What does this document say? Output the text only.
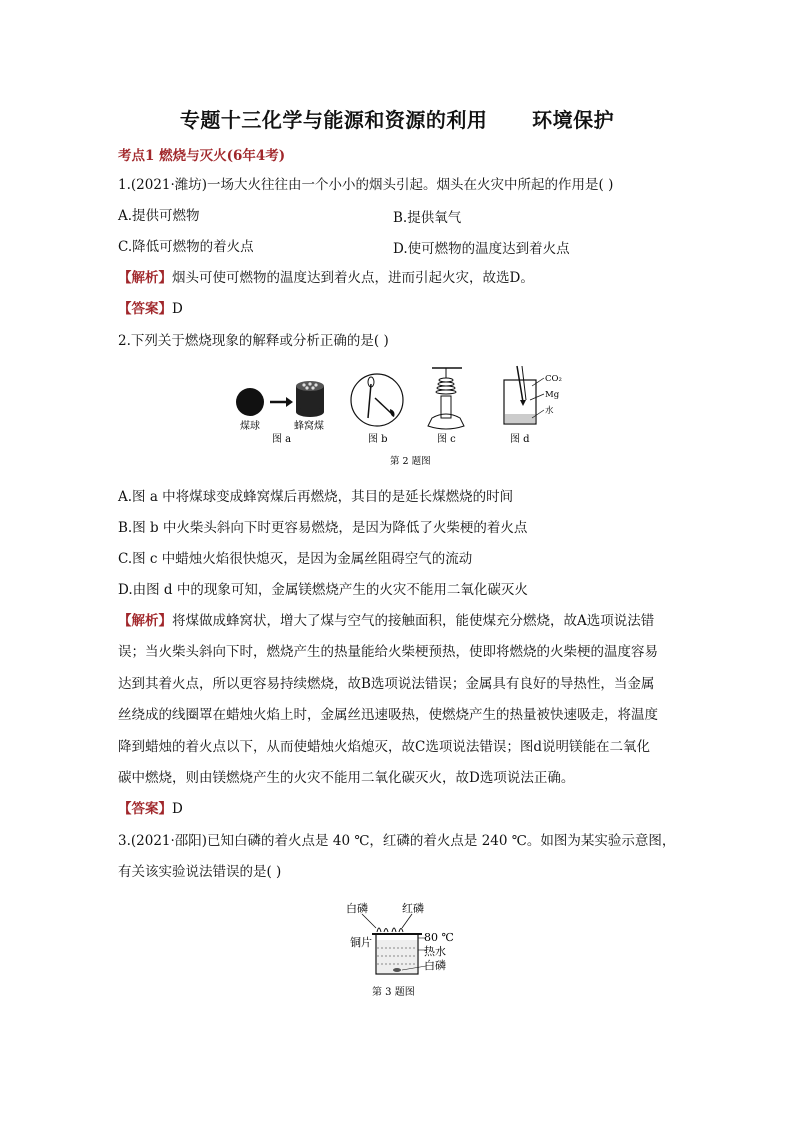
专题十三化学与能源和资源的利用      环境保护
考点1 燃烧与灭火(6年4考)
1.(2021·潍坊)一场大火往往由一个小小的烟头引起。烟头在火灾中所起的作用是( )
A.提供可燃物	B.提供氧气
C.降低可燃物的着火点	D.使可燃物的温度达到着火点
【解析】烟头可使可燃物的温度达到着火点，进而引起火灾，故选D。
【答案】D
2.下列关于燃烧现象的解释或分析正确的是( )
煤球	蜂窝煤
图 a	图 b	图 c
CO₂
Mg
水
图 d
第 2 题图
A.图 a 中将煤球变成蜂窝煤后再燃烧，其目的是延长煤燃烧的时间
B.图 b 中火柴头斜向下时更容易燃烧，是因为降低了火柴梗的着火点
C.图 c 中蜡烛火焰很快熄灭，是因为金属丝阻碍空气的流动
D.由图 d 中的现象可知，金属镁燃烧产生的火灾不能用二氧化碳灭火
【解析】将煤做成蜂窝状，增大了煤与空气的接触面积，能使煤充分燃烧，故A选项说法错
误；当火柴头斜向下时，燃烧产生的热量能给火柴梗预热，使即将燃烧的火柴梗的温度容易
达到其着火点，所以更容易持续燃烧，故B选项说法错误；金属具有良好的导热性，当金属
丝绕成的线圈罩在蜡烛火焰上时，金属丝迅速吸热，使燃烧产生的热量被快速吸走，将温度
降到蜡烛的着火点以下，从而使蜡烛火焰熄灭，故C选项说法错误；图d说明镁能在二氧化
碳中燃烧，则由镁燃烧产生的火灾不能用二氧化碳灭火，故D选项说法正确。
【答案】D
3.(2021·邵阳)已知白磷的着火点是 40 ℃，红磷的着火点是 240 ℃。如图为某实验示意图，
有关该实验说法错误的是( )
白磷	红磷
铜片	80 ℃
热水
白磷
第 3 题图
